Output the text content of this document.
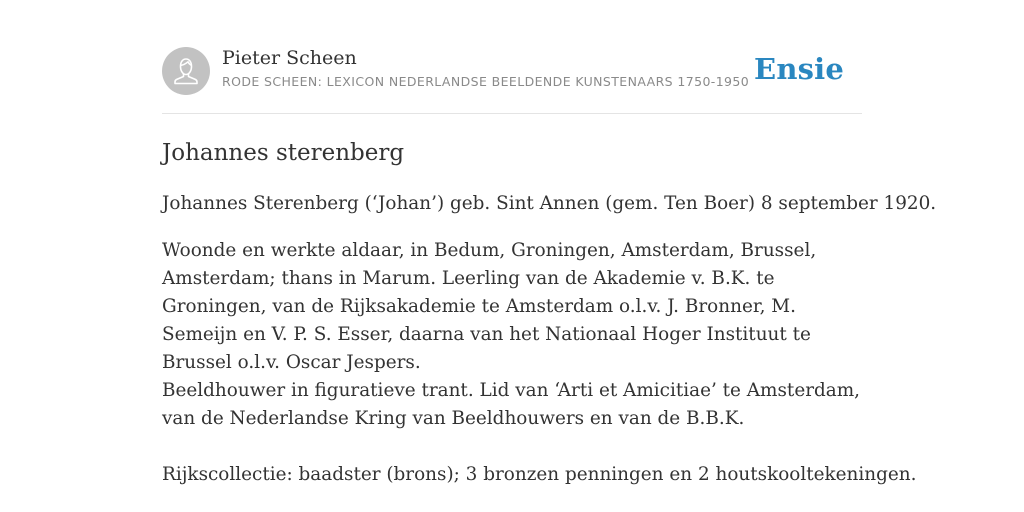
Pieter Scheen
RODE SCHEEN: LEXICON NEDERLANDSE BEELDENDE KUNSTENAARS 1750-1950 Ensie
Johannes sterenberg

Johannes Sterenberg (‘Johan’) geb. Sint Annen (gem. Ten Boer) 8 september 1920.

Woonde en werkte aldaar, in Bedum, Groningen, Amsterdam, Brussel, Amsterdam; thans in Marum. Leerling van de Akademie v. B.K. te Groningen, van de Rijksakademie te Amsterdam o.l.v. J. Bronner, M. Semeijn en V. P. S. Esser, daarna van het Nationaal Hoger Instituut te Brussel o.l.v. Oscar Jespers.

Beeldhouwer in figuratieve trant. Lid van ‘Arti et Amicitiae’ te Amsterdam, van de Nederlandse Kring van Beeldhouwers en van de B.B.K.

Rijkscollectie: baadster (brons); 3 bronzen penningen en 2 houtskooltekeningen.
